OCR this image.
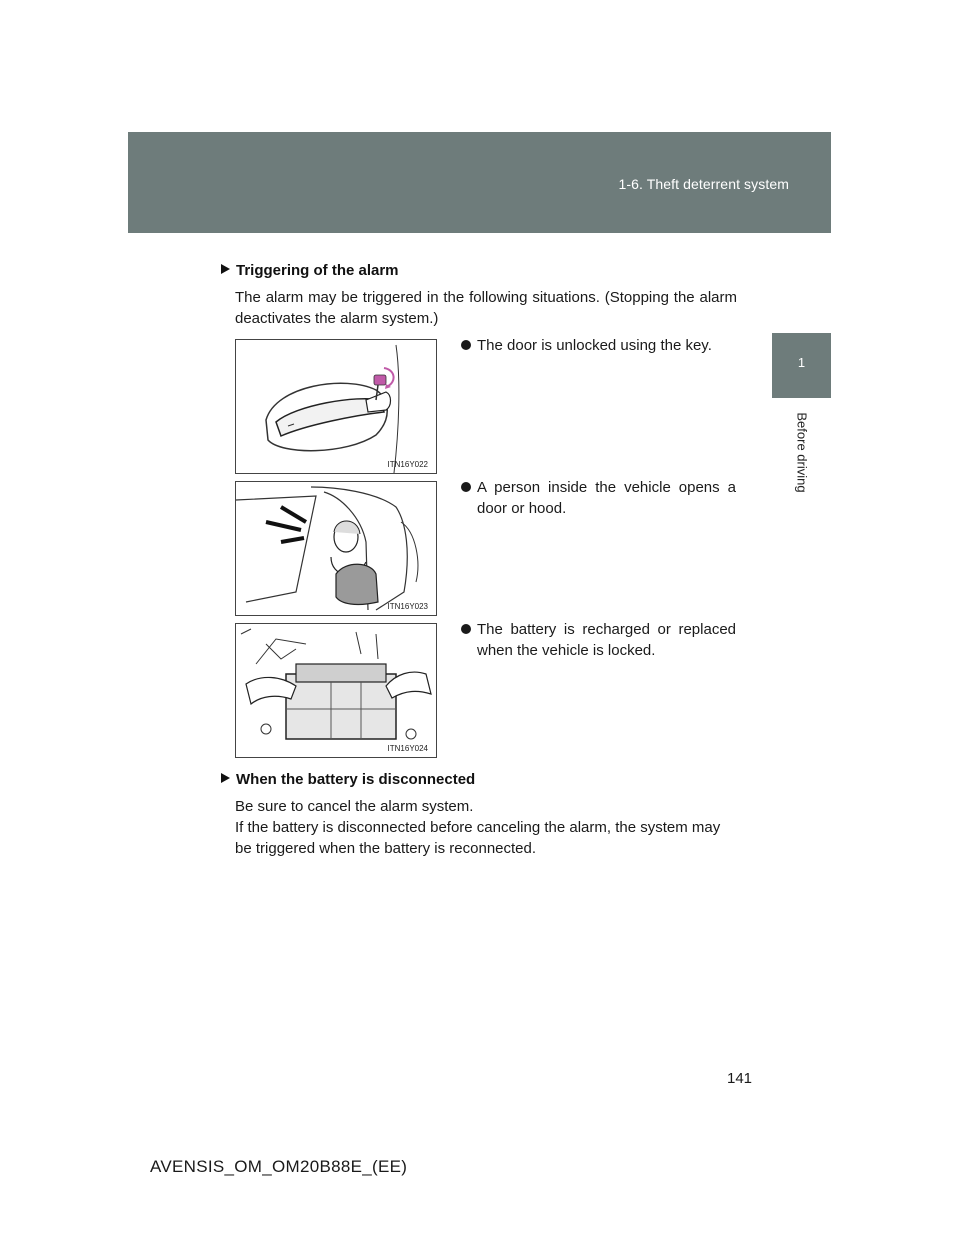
1-6. Theft deterrent system
1
Before driving
Triggering of the alarm
The alarm may be triggered in the following situations. (Stopping the alarm deactivates the alarm system.)
ITN16Y022
The door is unlocked using the key.
ITN16Y023
A person inside the vehicle opens a door or hood.
ITN16Y024
The battery is recharged or replaced when the vehicle is locked.
When the battery is disconnected
Be sure to cancel the alarm system.
If the battery is disconnected before canceling the alarm, the system may be triggered when the battery is reconnected.
141
AVENSIS_OM_OM20B88E_(EE)
